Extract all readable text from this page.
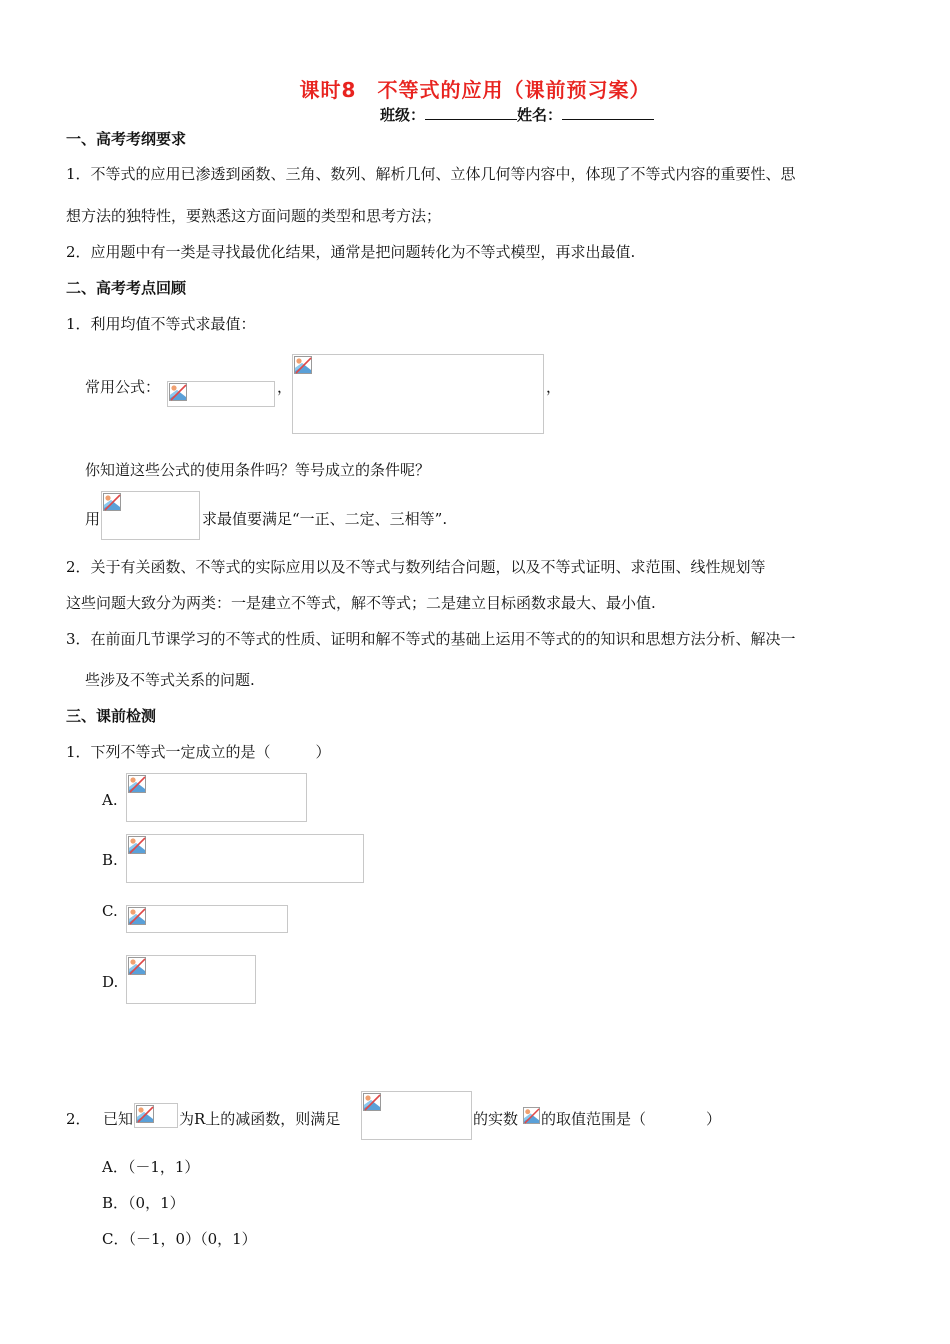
课时8　不等式的应用（课前预习案）
班级：	姓名：
一、高考考纲要求
1．不等式的应用已渗透到函数、三角、数列、解析几何、立体几何等内容中，体现了不等式内容的重要性、思
想方法的独特性，要熟悉这方面问题的类型和思考方法；
2．应用题中有一类是寻找最优化结果，通常是把问题转化为不等式模型，再求出最值.
二、高考考点回顾
1．利用均值不等式求最值：
常用公式：	，	，
你知道这些公式的使用条件吗？等号成立的条件呢？
用	求最值要满足“一正、二定、三相等”.
2．关于有关函数、不等式的实际应用以及不等式与数列结合问题，以及不等式证明、求范围、线性规划等
这些问题大致分为两类：一是建立不等式，解不等式；二是建立目标函数求最大、最小值.
3．在前面几节课学习的不等式的性质、证明和解不等式的基础上运用不等式的的知识和思想方法分析、解决一
些涉及不等式关系的问题.
三、课前检测
1．下列不等式一定成立的是（　　　）
A.
B.
C.
D.
2． 已知	为R上的减函数，则满足	的实数 的取值范围是（　　　　）
A．（－1，1）
B．（0，1）
C．（－1，0）（0，1）
